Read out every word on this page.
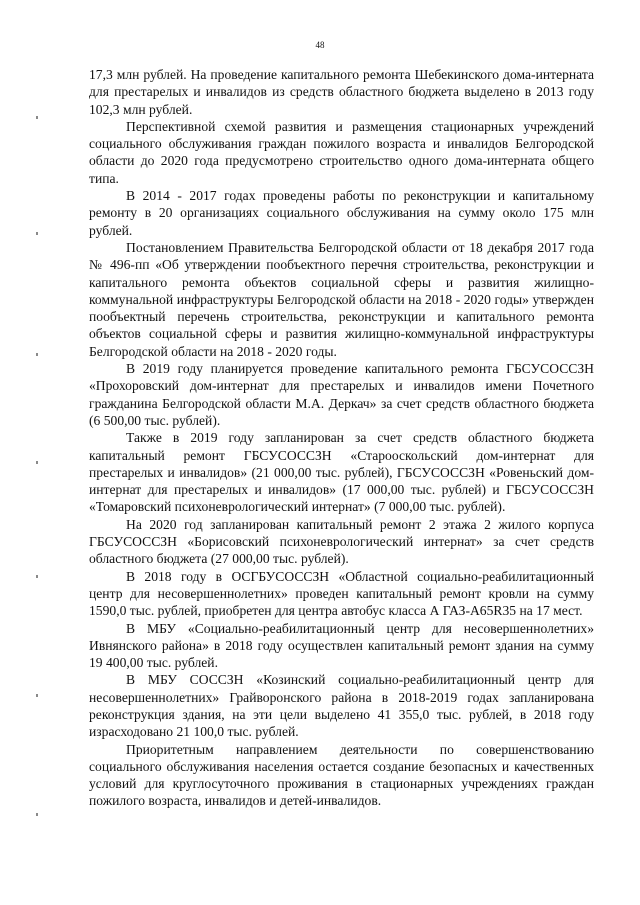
48

17,3 млн рублей. На проведение капитального ремонта Шебекинского дома-интерната для престарелых и инвалидов из средств областного бюджета выделено в 2013 году 102,3 млн рублей.

Перспективной схемой развития и размещения стационарных учреждений социального обслуживания граждан пожилого возраста и инвалидов Белгородской области до 2020 года предусмотрено строительство одного дома-интерната общего типа.

В 2014 - 2017 годах проведены работы по реконструкции и капитальному ремонту в 20 организациях социального обслуживания на сумму около 175 млн рублей.

Постановлением Правительства Белгородской области от 18 декабря 2017 года № 496-пп «Об утверждении пообъектного перечня строительства, реконструкции и капитального ремонта объектов социальной сферы и развития жилищно-коммунальной инфраструктуры Белгородской области на 2018 - 2020 годы» утвержден пообъектный перечень строительства, реконструкции и капитального ремонта объектов социальной сферы и развития жилищно-коммунальной инфраструктуры Белгородской области на 2018 - 2020 годы.

В 2019 году планируется проведение капитального ремонта ГБСУСОССЗН «Прохоровский дом-интернат для престарелых и инвалидов имени Почетного гражданина Белгородской области М.А. Деркач» за счет средств областного бюджета (6 500,00 тыс. рублей).

Также в 2019 году запланирован за счет средств областного бюджета капитальный ремонт ГБСУСОССЗН «Старооскольский дом-интернат для престарелых и инвалидов» (21 000,00 тыс. рублей), ГБСУСОССЗН «Ровеньский дом-интернат для престарелых и инвалидов» (17 000,00 тыс. рублей) и ГБСУСОССЗН «Томаровский психоневрологический интернат» (7 000,00 тыс. рублей).

На 2020 год запланирован капитальный ремонт 2 этажа 2 жилого корпуса ГБСУСОССЗН «Борисовский психоневрологический интернат» за счет средств областного бюджета (27 000,00 тыс. рублей).

В 2018 году в ОСГБУСОССЗН «Областной социально-реабилитационный центр для несовершеннолетних» проведен капитальный ремонт кровли на сумму 1590,0 тыс. рублей, приобретен для центра автобус класса А ГАЗ-А65R35 на 17 мест.

В МБУ «Социально-реабилитационный центр для несовершеннолетних» Ивнянского района» в 2018 году осуществлен капитальный ремонт здания на сумму 19 400,00 тыс. рублей.

В МБУ СОССЗН «Козинский социально-реабилитационный центр для несовершеннолетних» Грайворонского района в 2018-2019 годах запланирована реконструкция здания, на эти цели выделено 41 355,0 тыс. рублей, в 2018 году израсходовано 21 100,0 тыс. рублей.

Приоритетным направлением деятельности по совершенствованию социального обслуживания населения остается создание безопасных и качественных условий для круглосуточного проживания в стационарных учреждениях граждан пожилого возраста, инвалидов и детей-инвалидов.
